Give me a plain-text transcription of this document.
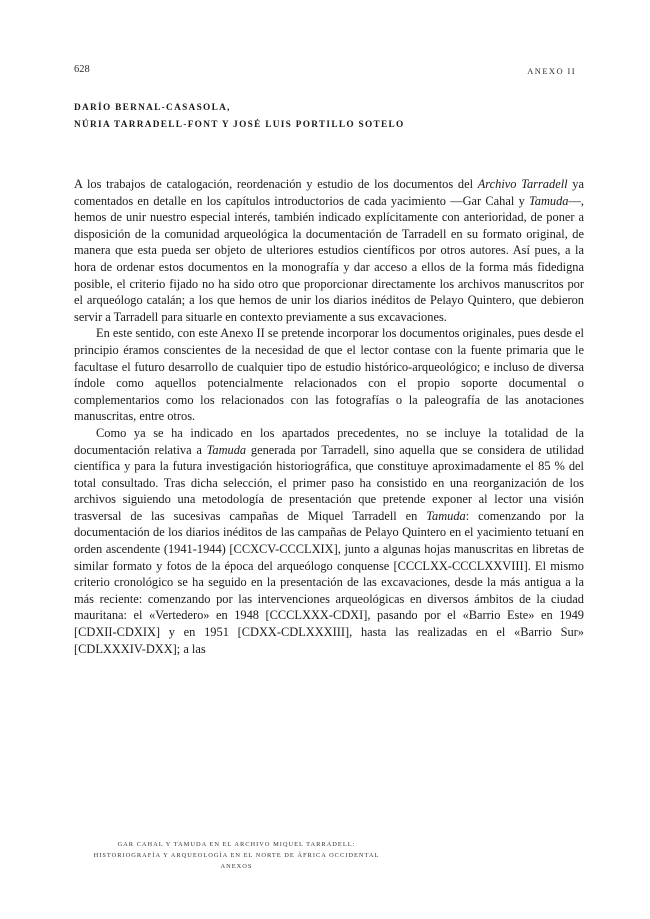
628	ANEXO II
DARÍO BERNAL-CASASOLA,
NÚRIA TARRADELL-FONT Y JOSÉ LUIS PORTILLO SOTELO

A los trabajos de catalogación, reordenación y estudio de los documentos del Archivo Tarradell ya comentados en detalle en los capítulos introductorios de cada yacimiento —Gar Cahal y Tamuda—, hemos de unir nuestro especial interés, también indicado explícitamente con anterioridad, de poner a disposición de la comunidad arqueológica la documentación de Tarradell en su formato original, de manera que esta pueda ser objeto de ulteriores estudios científicos por otros autores. Así pues, a la hora de ordenar estos documentos en la monografía y dar acceso a ellos de la forma más fidedigna posible, el criterio fijado no ha sido otro que proporcionar directamente los archivos manuscritos por el arqueólogo catalán; a los que hemos de unir los diarios inéditos de Pelayo Quintero, que debieron servir a Tarradell para situarle en contexto previamente a sus excavaciones.

En este sentido, con este Anexo II se pretende incorporar los documentos originales, pues desde el principio éramos conscientes de la necesidad de que el lector contase con la fuente primaria que le facultase el futuro desarrollo de cualquier tipo de estudio histórico-arqueológico; e incluso de diversa índole como aquellos potencialmente relacionados con el propio soporte documental o complementarios como los relacionados con las fotografías o la paleografía de las anotaciones manuscritas, entre otros.

Como ya se ha indicado en los apartados precedentes, no se incluye la totalidad de la documentación relativa a Tamuda generada por Tarradell, sino aquella que se considera de utilidad científica y para la futura investigación historiográfica, que constituye aproximadamente el 85 % del total consultado. Tras dicha selección, el primer paso ha consistido en una reorganización de los archivos siguiendo una metodología de presentación que pretende exponer al lector una visión trasversal de las sucesivas campañas de Miquel Tarradell en Tamuda: comenzando por la documentación de los diarios inéditos de las campañas de Pelayo Quintero en el yacimiento tetuaní en orden ascendente (1941-1944) [CCXCV-CCCLXIX], junto a algunas hojas manuscritas en libretas de similar formato y fotos de la época del arqueólogo conquense [CCCLXX-CCCLXXVIII]. El mismo criterio cronológico se ha seguido en la presentación de las excavaciones, desde la más antigua a la más reciente: comenzando por las intervenciones arqueológicas en diversos ámbitos de la ciudad mauritana: el «Vertedero» en 1948 [CCCLXXX-CDXI], pasando por el «Barrio Este» en 1949 [CDXII-CDXIX] y en 1951 [CDXX-CDLXXXIII], hasta las realizadas en el «Barrio Sur» [CDLXXXIV-DXX]; a las

GAR CAHAL Y TAMUDA EN EL ARCHIVO MIQUEL TARRADELL:
HISTORIOGRAFÍA Y ARQUEOLOGÍA EN EL NORTE DE ÁFRICA OCCIDENTAL
ANEXOS
